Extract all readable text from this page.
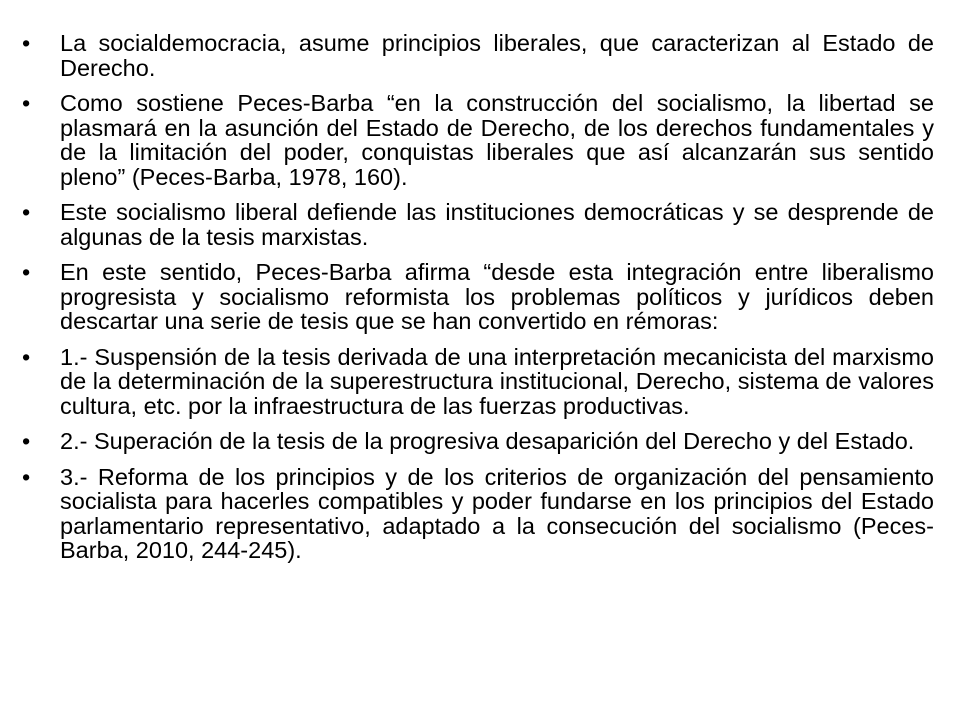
•	La socialdemocracia, asume principios liberales, que caracterizan al Estado de Derecho.
•	Como sostiene Peces-Barba “en la construcción del socialismo, la libertad se plasmará en la asunción del Estado de Derecho, de los derechos fundamentales y de la limitación del poder, conquistas liberales que así alcanzarán sus sentido pleno” (Peces-Barba, 1978, 160).
•	Este socialismo liberal defiende las instituciones democráticas y se desprende de algunas de la tesis marxistas.
•	En este sentido, Peces-Barba afirma “desde esta integración entre liberalismo progresista y socialismo reformista los problemas políticos y jurídicos deben descartar una serie de tesis que se han convertido en rémoras:
•	1.- Suspensión de la tesis derivada de una interpretación mecanicista del marxismo de la determinación de la superestructura institucional, Derecho, sistema de valores cultura, etc. por la infraestructura de las fuerzas productivas.
•	2.- Superación de la tesis de la progresiva desaparición del Derecho y del Estado.
•	3.- Reforma de los principios y de los criterios de organización del pensamiento socialista para hacerles compatibles y poder fundarse en los principios del Estado parlamentario representativo, adaptado a la consecución del socialismo (Peces-Barba, 2010, 244-245).
